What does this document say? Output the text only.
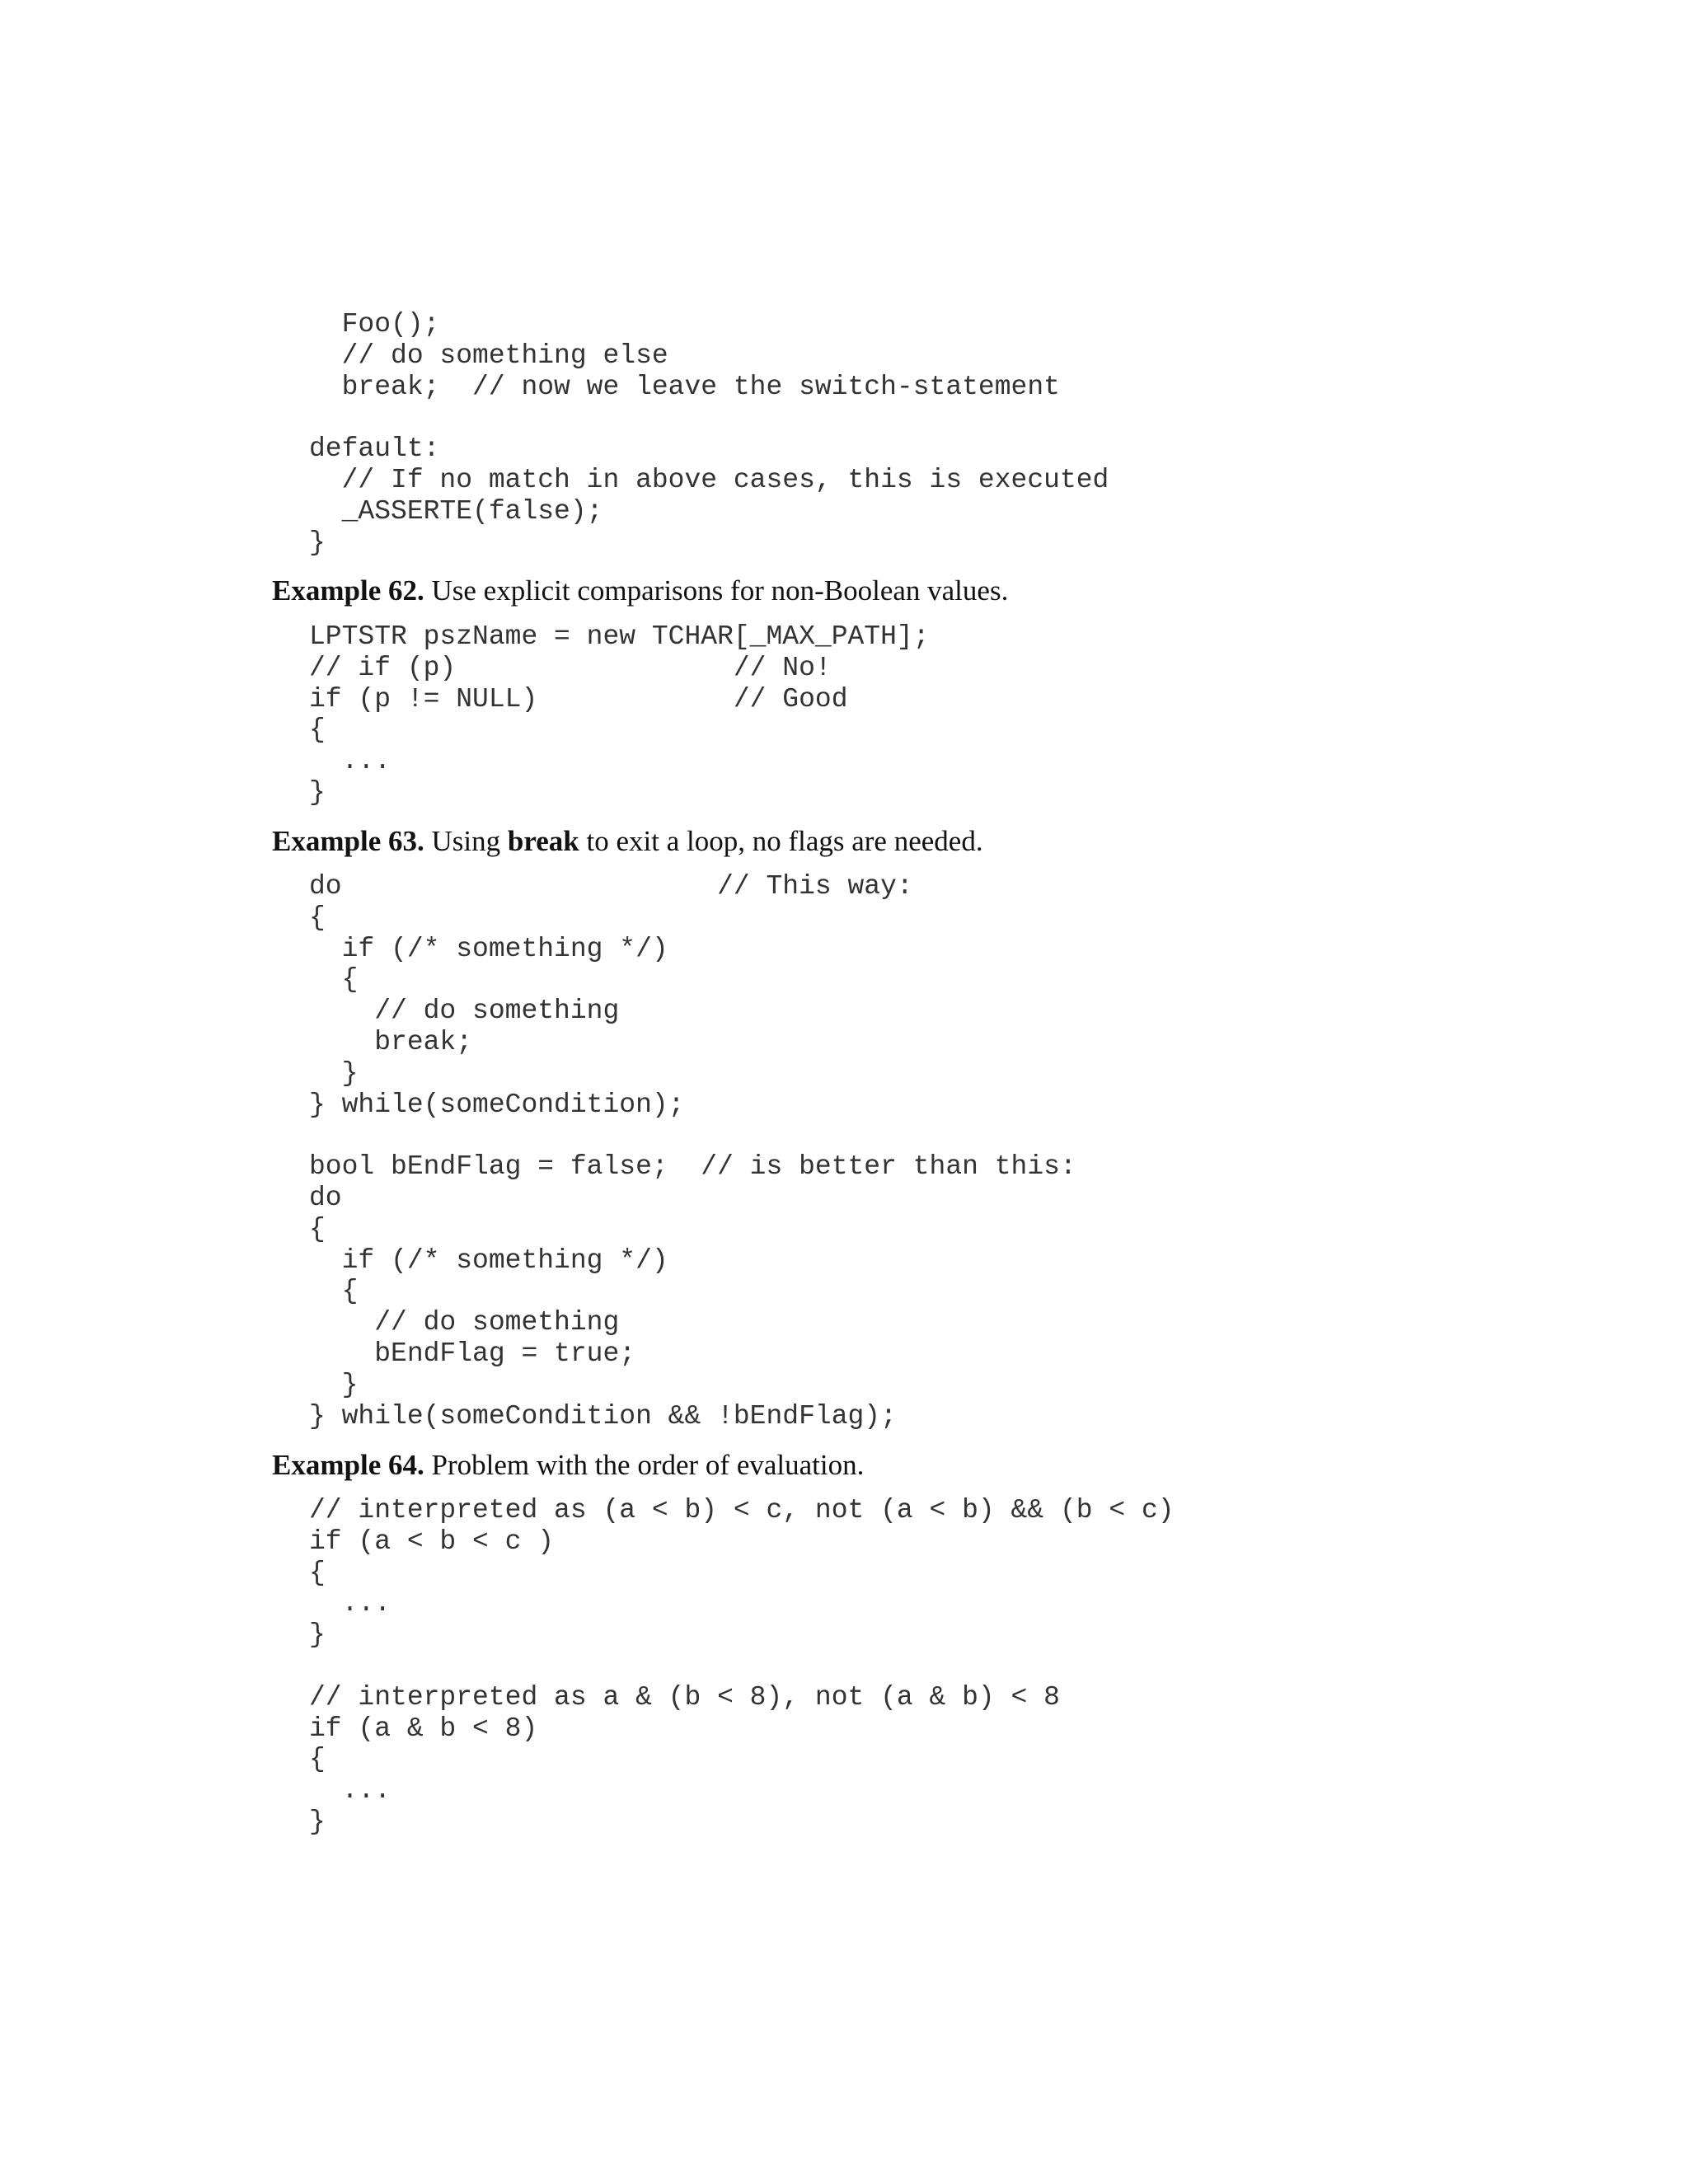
Foo();
// do something else
break;  // now we leave the switch-statement
default:
// If no match in above cases, this is executed
_ASSERTE(false);
}

Example 62. Use explicit comparisons for non-Boolean values.

LPTSTR pszName = new TCHAR[_MAX_PATH];
// if (p)                 // No!
if (p != NULL)            // Good
{
...
}

Example 63. Using break to exit a loop, no flags are needed.

do                       // This way:
{
if (/* something */)
{
// do something
break;
}
} while(someCondition);
bool bEndFlag = false;  // is better than this:
do
{
if (/* something */)
{
// do something
bEndFlag = true;
}
} while(someCondition && !bEndFlag);

Example 64. Problem with the order of evaluation.

// interpreted as (a < b) < c, not (a < b) && (b < c)
if (a < b < c )
{
...
}
// interpreted as a & (b < 8), not (a & b) < 8
if (a & b < 8)
{
...
}
